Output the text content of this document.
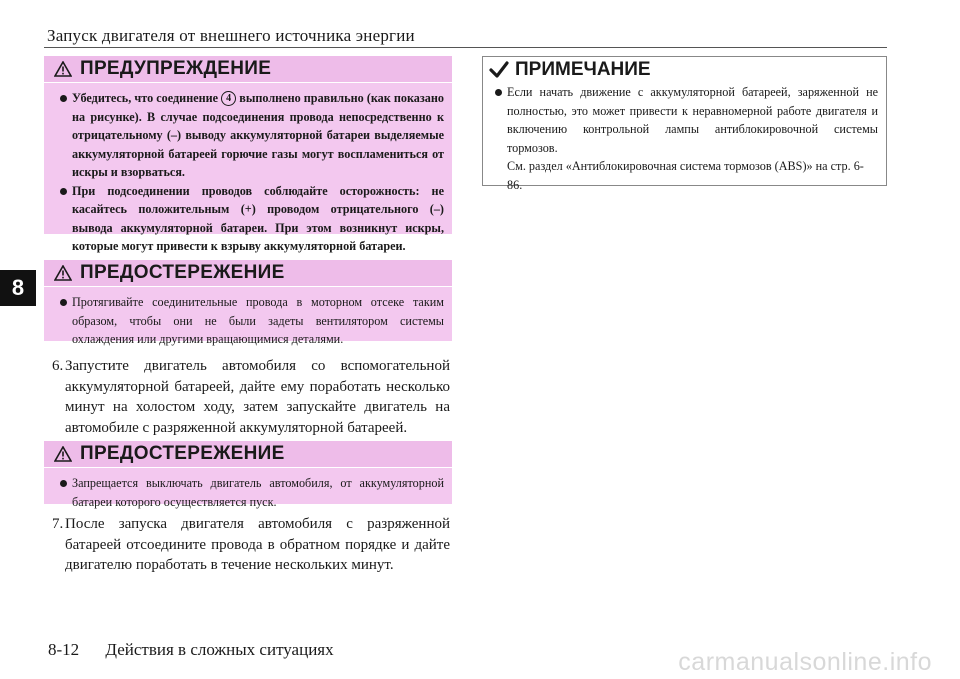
Запуск двигателя от внешнего источника энергии
8
ПРЕДУПРЕЖДЕНИЕ
Убедитесь, что соединение 4 выполнено правильно (как показано на рисунке). В случае подсоединения провода непосредственно к отрицательному (–) выводу аккумуляторной батареи выделяемые аккумуляторной батареей горючие газы могут воспламениться от искры и взорваться.
При подсоединении проводов соблюдайте осторожность: не касайтесь положительным (+) проводом отрицательного (–) вывода аккумуляторной батареи. При этом возникнут искры, которые могут привести к взрыву аккумуляторной батареи.
ПРЕДОСТЕРЕЖЕНИЕ
Протягивайте соединительные провода в моторном отсеке таким образом, чтобы они не были задеты вентилятором системы охлаждения или другими вращающимися деталями.
6. Запустите двигатель автомобиля со вспомогательной аккумуляторной батареей, дайте ему поработать несколько минут на холостом ходу, затем запускайте двигатель на автомобиле с разряженной аккумуляторной батареей.
ПРЕДОСТЕРЕЖЕНИЕ
Запрещается выключать двигатель автомобиля, от аккумуляторной батареи которого осуществляется пуск.
7. После запуска двигателя автомобиля с разряженной батареей отсоедините провода в обратном порядке и дайте двигателю поработать в течение нескольких минут.
ПРИМЕЧАНИЕ
Если начать движение с аккумуляторной батареей, заряженной не полностью, это может привести к неравномерной работе двигателя и включению контрольной лампы антиблокировочной системы тормозов.
См. раздел «Антиблокировочная система тормозов (ABS)» на стр. 6-86.
8-12 Действия в сложных ситуациях	carmanualsonline.info
